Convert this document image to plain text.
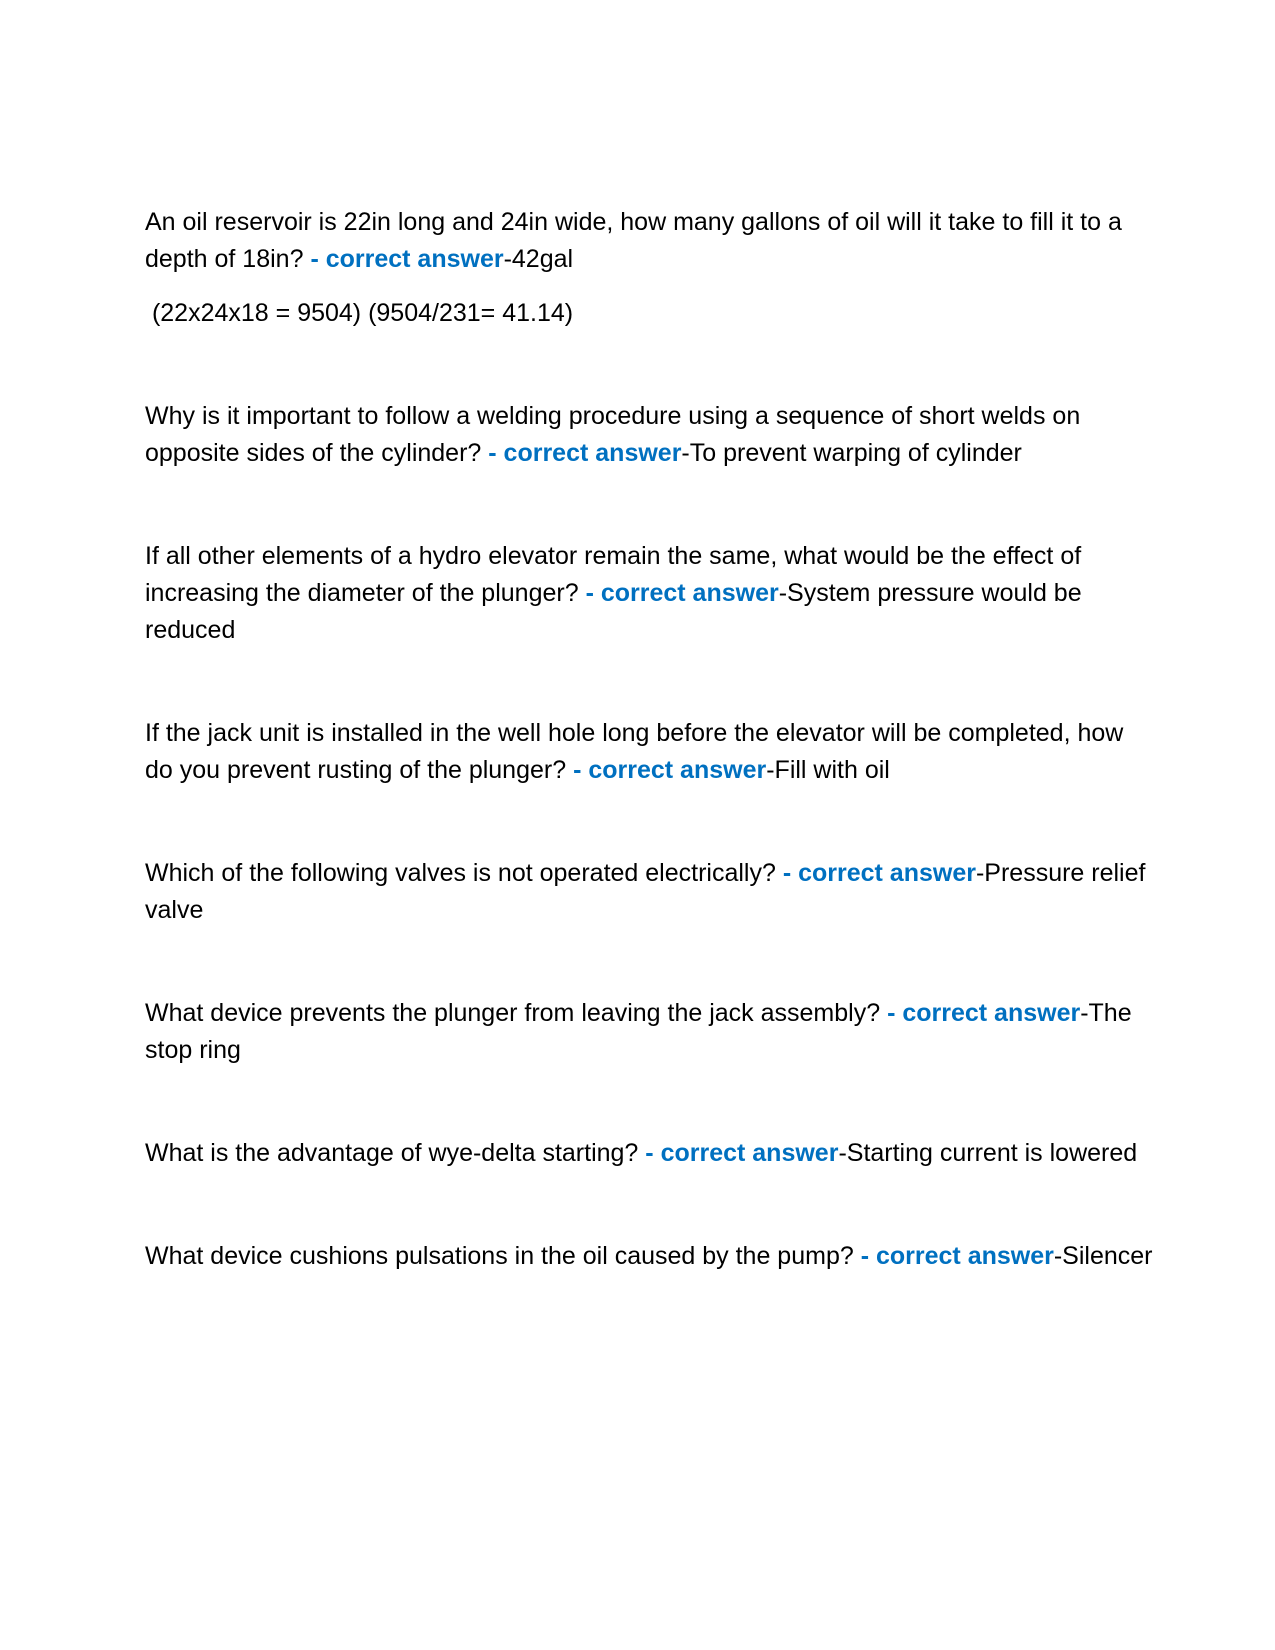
An oil reservoir is 22in long and 24in wide, how many gallons of oil will it take to fill it to a depth of 18in? - correct answer-42gal

(22x24x18 = 9504) (9504/231= 41.14)

Why is it important to follow a welding procedure using a sequence of short welds on opposite sides of the cylinder? - correct answer-To prevent warping of cylinder

If all other elements of a hydro elevator remain the same, what would be the effect of increasing the diameter of the plunger? - correct answer-System pressure would be reduced

If the jack unit is installed in the well hole long before the elevator will be completed, how do you prevent rusting of the plunger? - correct answer-Fill with oil

Which of the following valves is not operated electrically? - correct answer-Pressure relief valve

What device prevents the plunger from leaving the jack assembly? - correct answer-The stop ring

What is the advantage of wye-delta starting? - correct answer-Starting current is lowered

What device cushions pulsations in the oil caused by the pump? - correct answer-Silencer
